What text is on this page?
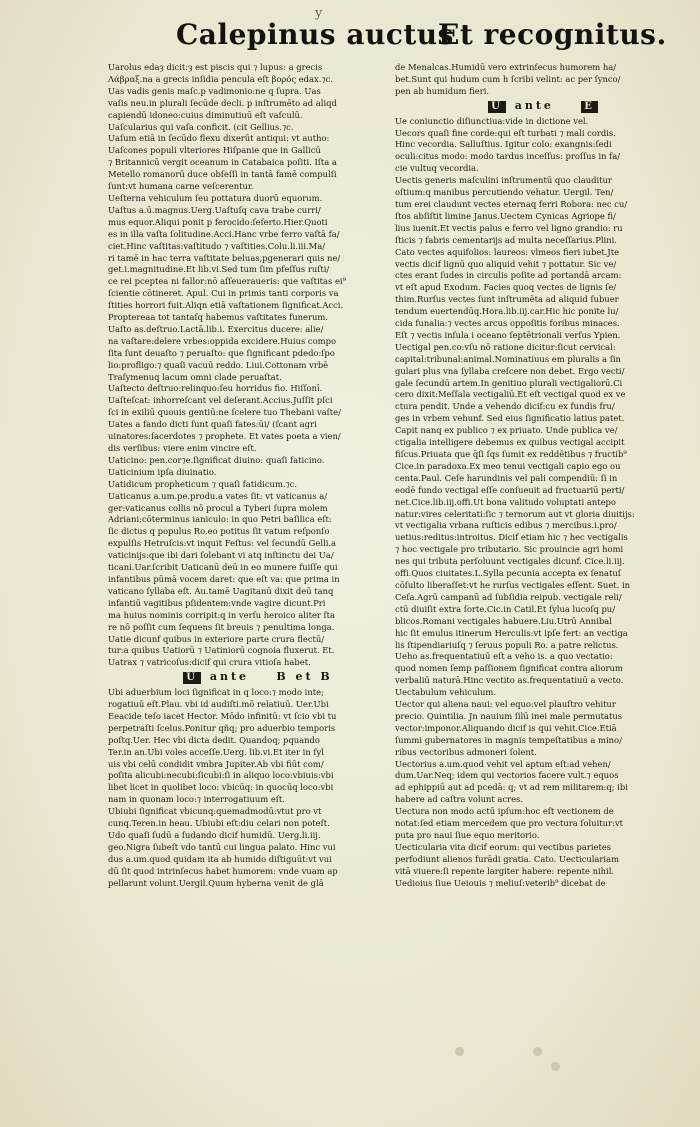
y
Calepinus auctus
Et recognitus.
Uarolus edaȝ dicit:ȝ est piscis qui ⁊ lupus: a grecis
Λάβραξ.na a grecis inſidia pencula eſt βορός edax.⁊c.
Uas vadis genis maſc.p vadimonio:ne q ſupra. Uas
vaſis neu.in plurali ſecūde decli. p inſtrumēto ad aliqd
capiendū idoneo:cuius diminutiuū eſt vaſculū.
Uaſcularius qui vaſa conficit. (cit Gellius.⁊c.
Uaſum etiā in ſecūdo flexu dixerūt antiqui: vt autho:
Uaſcones populi vlteriores Hiſpanie que in Gallicū
⁊ Britannicū vergit oceanum in Catabaica poſiti. Iſta a
Metello romanorū duce obſeſſi in tantā famē compulſi
ſunt:vt humana carne veſcerentur.
Ueſterna vehiculum ſeu pottatura duorū equorum.
Uaſtus a.ū.magnus.Uerg.Uaſtuſq cava trabe curri/
mus equor.Aliqui ponit p ferocido:ſeſerto.Hier.Quoti
es in illa vaſta ſolitudine.Acci.Hanc vrbe ferro vaſtā fa/
ciet.Hinc vaſtitas:vaſtitudo ⁊ vaſtities.Colu.li.iii.Ma/
ri tamē in hac terra vaſtitate beluas,pgenerari quis ne/
get.i.magnitudine.Et lib.vi.Sed tum ſim pfeſſus ruſti/
ce rei pceptea ni fallor:nō aſſeueraueris: que vaſtitas ei⁹
ſcientie cōtineret. Apul. Cui in primis tanti corporis va
ſtities horrori fuit.Aliqn etiā vaſtationem ſignificat.Acci.
Proptereaa tot tantaſq habemus vaſtitates funerum.
Uaſto as.deſtruo.Lactā.lib.i. Exercitus ducere: alie/
na vaſtare:delere vrbes:oppida excidere.Huius compo
ſita ſunt deuaſto ⁊ peruaſto: que ſignificant pdedo:ſpo
lio:profligo:⁊ quaſi vacuū reddo. Liui.Cottonam vrbē
Traſymenuq lacum omni clade peruaſtat.
Uaſtecto deſtruo:relinquo:ſeu horridus fio. Hiſſonī.
Uaſteſcat: inhorreſcant vel deſerant.Accius.Juſſit pſci
ſci in exiliū quouis gentiū:ne ſcelere tuo Thebani vaſte/
Uates a fando dicti ſunt quaſi fates:ūi/ (ſcant agri
uinatores:ſacerdotes ⁊ prophete. Et vates poeta a vien/
dis verſibus: viere enim vincire eſt.
Uaticino: pen.cor⁊e.ſignificat diuino: quaſi faticino.
Uaticinium ipſa diuinatio.
Uatidicum propheticum ⁊ quaſi fatidicum.⁊c.
Uaticanus a.um.pe.produ.a vates ſit: vt vaticanus a/
ger:vaticanus collis nō procul a Tyberi ſupra molem
Adriani:cōterminus ianiculo: in quo Petri baſilica eſt:
ſic dictus q populus Ro.eo potitus ſit vatum reſponſo
expulſis Hetruſcis:vt inquit Feſtus: vel ſecundū Gelli.a
vaticinijs:que ibi dari ſolebant vi atq inſtinctu dei Ua/
ticani.Uar.ſcribit Uaticanū deū in eo munere fuiſſe qui
infantibus pūmā vocem daret: que eſt va: que prima in
vaticano ſyllaba eſt. Au.tamē Uagitanū dixit deū tanq
infantiū vagitibus pſidentem:vnde vagire dicunt.Pri
ma huius nominis corripit:q in verſu heroico aliter ſta
re nō poſſit cum ſequens ſit breuis ⁊ penultima longa.
Uatie dicunf quibus in exteriore parte crura flectū/
tur:a quibus Uatiorū ⁊ Uatiniorū cognoia fluxerut. Et.
Uatrax ⁊ vatricoſus:dicif qui crura vitioſa habet.
U ante B et B
Ubi aduerbium loci ſignificat in q loco:⁊ modo inte;
rogatiuū eſt.Plau. vbi id audiſti.mō relatiuū. Uer.Ubi
Eeacide teſo iacet Hector. Mōdo infinitū: vt ſcio vbi tu
perpetraſti ſcelus.Ponitur qñq; pro aduerbio temporis
poſtq.Uer. Hec vbi dicta dedit. Quandoq; pquando
Ter.in an.Ubi voles acceſſe.Uerg. lib.vi.Et iter in ſyl
uis vbi celū condidit vmbra Jupiter.Ab vbi fiūt com/
poſita alicubi:necubi:ſicubi:ſi in aliquo loco:vbiuis:vbi
libet licet in quolibet loco: vbicūq: in quocūq loco:vbi
nam in quonam loco:⁊ interrogatiuum eſt.
Ubiubi ſignificat vbicunq:quemadmodū:vtut pro vt
cunq.Teren.in heau. Ubiubi eſt:diu celari non poteſt.
Udo quaſi ſudū a ſudando dicif humidū. Uerg.li.iij.
geo.Nigra ſubeſt vdo tantū cui lingua palato. Hinc vui
dus a.um.quod quidam ita ab humido diſtiguūt:vt vui
dū ſit quod intrinſecus habet humorem: vnde vuam ap
pellarunt volunt.Uergil.Quum hyberna venit de glā
de Menalcas.Humidū vero extrinſecus humorem ha/
bet.Sunt qui hudum cum h ſcribi velint: ac per ſynco/
pen ab humidum fieri.
U ante	E
Ue coniunctio diſiunctiua:vide in dictione vel.
Uecors quaſi fine corde:qui eſt turbati ⁊ mali cordis.
Hinc vecordia. Salluſtius. Igitur colo: exangnis:ſedi
oculi:citus modo: modo tardus inceſſus: proſſus in fa/
cie vultuq vecordia.
Uectis generis maſculini inſtrumentū quo clauditur
oſtium:q manibus percutiendo vehatur. Uergil. Ten/
tum erei claudunt vectes eternaq ferri Robora: nec cu/
ſtos abſiſtit limine Janus.Uectem Cynicas Agriope fi/
lius iuenit.Et vectis palus e ferro vel ligno grandio: ru
ſticis ⁊ fabris cementarijs ad multa neceſſarius.Plini.
Cato vectes aquifolios: laureos: vlmeos fieri iubet.Jte
vectis dicif lignū quo aliquid vehit ⁊ pottatur. Sic ve/
ctes erant ſudes in circulis poſite ad portandā arcam:
vt eſt apud Exodum. Facies quoq vectes de lignis ſe/
thim.Rurſus vectes ſunt inſtrumēta ad aliquid ſubuer
tendum euertendūq.Hora.lib.iij.car.Hic hic ponite lu/
cida funalia:⁊ vectes arcus oppoſitis foribus minaces.
Eſt ⁊ vectis inſula i oceano ſeptētrionali verſus Ypien.
Uectigal pen.co:vſu nō ratione dicitur:ſicut cervical:
capital:tribunal:animal.Nominatiuus em pluralis a ſin
gulari plus vna ſyllaba creſcere non debet. Ergo vecti/
gale ſecundū artem.In genitiuo plurali vectigaliorū.Ci
cero dixit:Meſſala vectigaliū.Et eſt vectigal quod ex ve
ctura pendit. Unde a vehendo dicif:cu ex fundis fru/
ges in vrbem vehunf. Sed eius ſignificatio latius patet.
Capit nanq ex publico ⁊ ex priuato. Unde publica ve/
ctigalia intelligere debemus ex quibus vectigal accipit
fiſcus.Priuata que q̄ſi ſqs ſumit ex reddētibus ⁊ fructib⁹
Cice.in paradoxa.Ex meo tenui vectigali capio ego ou
centa.Paul. Ceſe harundinis vel pali compendiū: ſi in
eodē fundo vectigal eſſe conſueuit ad fructuariū perti/
net.Cice.lib.iij.offi.Ut bona valitudo voluptati antepo
natur:vires celeritati:ſic ⁊ ternorum aut vt gloria diuitijs:
vt vectigalia vrbana ruſticis edibus ⁊ mercibus.i.pro/
uetius:reditus:introitus. Dicif etiam hic ⁊ hec vectigalis
⁊ hoc vectigale pro tributario. Sic prouincie agri homi
nes qui tributa perſoluunt vectigales dicunf. Cice.li.iij.
offi.Quos ciuitates.L.Sylla pecunia accepta ex ſenatuſ
cōſulto liberaſſet:vt he rurſus vectigales eſſent. Suet. in
Ceſa.Agrū campanū ad ſubſidia reipub. vectigale reli/
ctū diuiſit extra ſorte.Cic.in Catil.Et ſylua lucoſq pu/
blicos.Romani vectigales habuere.Liu.Utrū Annibal
hic ſit emulus itinerum Herculis:vt ipſe fert: an vectiga
lis ſtipendiariuſq ⁊ ſeruus populi Ro. a patre relictus.
Ueho as.frequentatiuū eſt a veho is. a quo vectatio:
quod nomen ſemp paſſionem ſignificat contra aliorum
verbaliū naturā.Hinc vectito as.frequentatiuū a vecto.
Uectabulum vehiculum.
Uector qui aliena naui: vel equo:vel plauſtro vehitur
precio. Quintilia. Jn nauium ſilū inei male permutatus
vector:imponor.Aliquando dicif is qui vehit.Cice.Etiā
ſummi gubernatores in magnis tempeſtatibus a mino/
ribus vectoribus admoneri ſolent.
Uectorius a.um.quod vehit vel aptum eſt:ad vehen/
dum.Uar.Neq; idem qui vectorios facere vult.⁊ equos
ad ephippiū aut ad pcedā: q; vt ad rem militarem:q; ibi
habere ad caſtra volunt acres.
Uectura non modo actū ipſum:hoc eſt vectionem de
notat:ſed etiam mercedem que pro vectura ſoluitur:vt
puta pro naui ſiue equo meritorio.
Uecticularia vita dicif eorum: qui vectibus parietes
perfodiunt alienos furādi gratia. Cato. Uecticulariam
vitā viuere:ſi repente largiter habere: repente nihil.
Uedioius ſiue Ueiouis ⁊ meliuſ:veterib⁹ dicebat de
